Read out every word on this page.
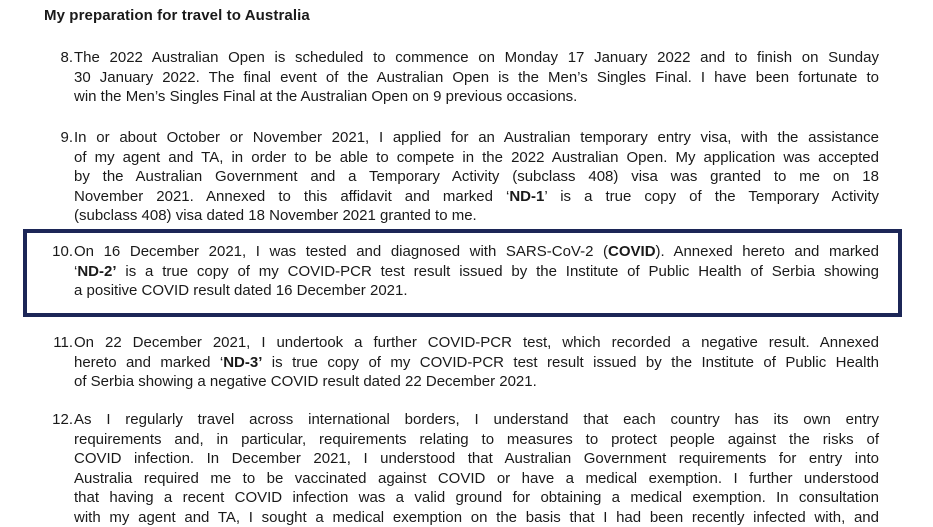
My preparation for travel to Australia
8. The 2022 Australian Open is scheduled to commence on Monday 17 January 2022 and to finish on Sunday
30 January 2022. The final event of the Australian Open is the Men’s Singles Final. I have been fortunate to
win the Men’s Singles Final at the Australian Open on 9 previous occasions.
9. In or about October or November 2021, I applied for an Australian temporary entry visa, with the assistance
of my agent and TA, in order to be able to compete in the 2022 Australian Open. My application was accepted
by the Australian Government and a Temporary Activity (subclass 408) visa was granted to me on 18
November 2021. Annexed to this affidavit and marked ‘ND-1’ is a true copy of the Temporary Activity
(subclass 408) visa dated 18 November 2021 granted to me.
10. On 16 December 2021, I was tested and diagnosed with SARS-CoV-2 (COVID). Annexed hereto and marked
‘ND-2’ is a true copy of my COVID-PCR test result issued by the Institute of Public Health of Serbia showing
a positive COVID result dated 16 December 2021.
11. On 22 December 2021, I undertook a further COVID-PCR test, which recorded a negative result. Annexed
hereto and marked ‘ND-3’ is true copy of my COVID-PCR test result issued by the Institute of Public Health
of Serbia showing a negative COVID result dated 22 December 2021.
12. As I regularly travel across international borders, I understand that each country has its own entry
requirements and, in particular, requirements relating to measures to protect people against the risks of
COVID infection. In December 2021, I understood that Australian Government requirements for entry into
Australia required me to be vaccinated against COVID or have a medical exemption. I further understood
that having a recent COVID infection was a valid ground for obtaining a medical exemption. In consultation
with my agent and TA, I sought a medical exemption on the basis that I had been recently infected with, and
